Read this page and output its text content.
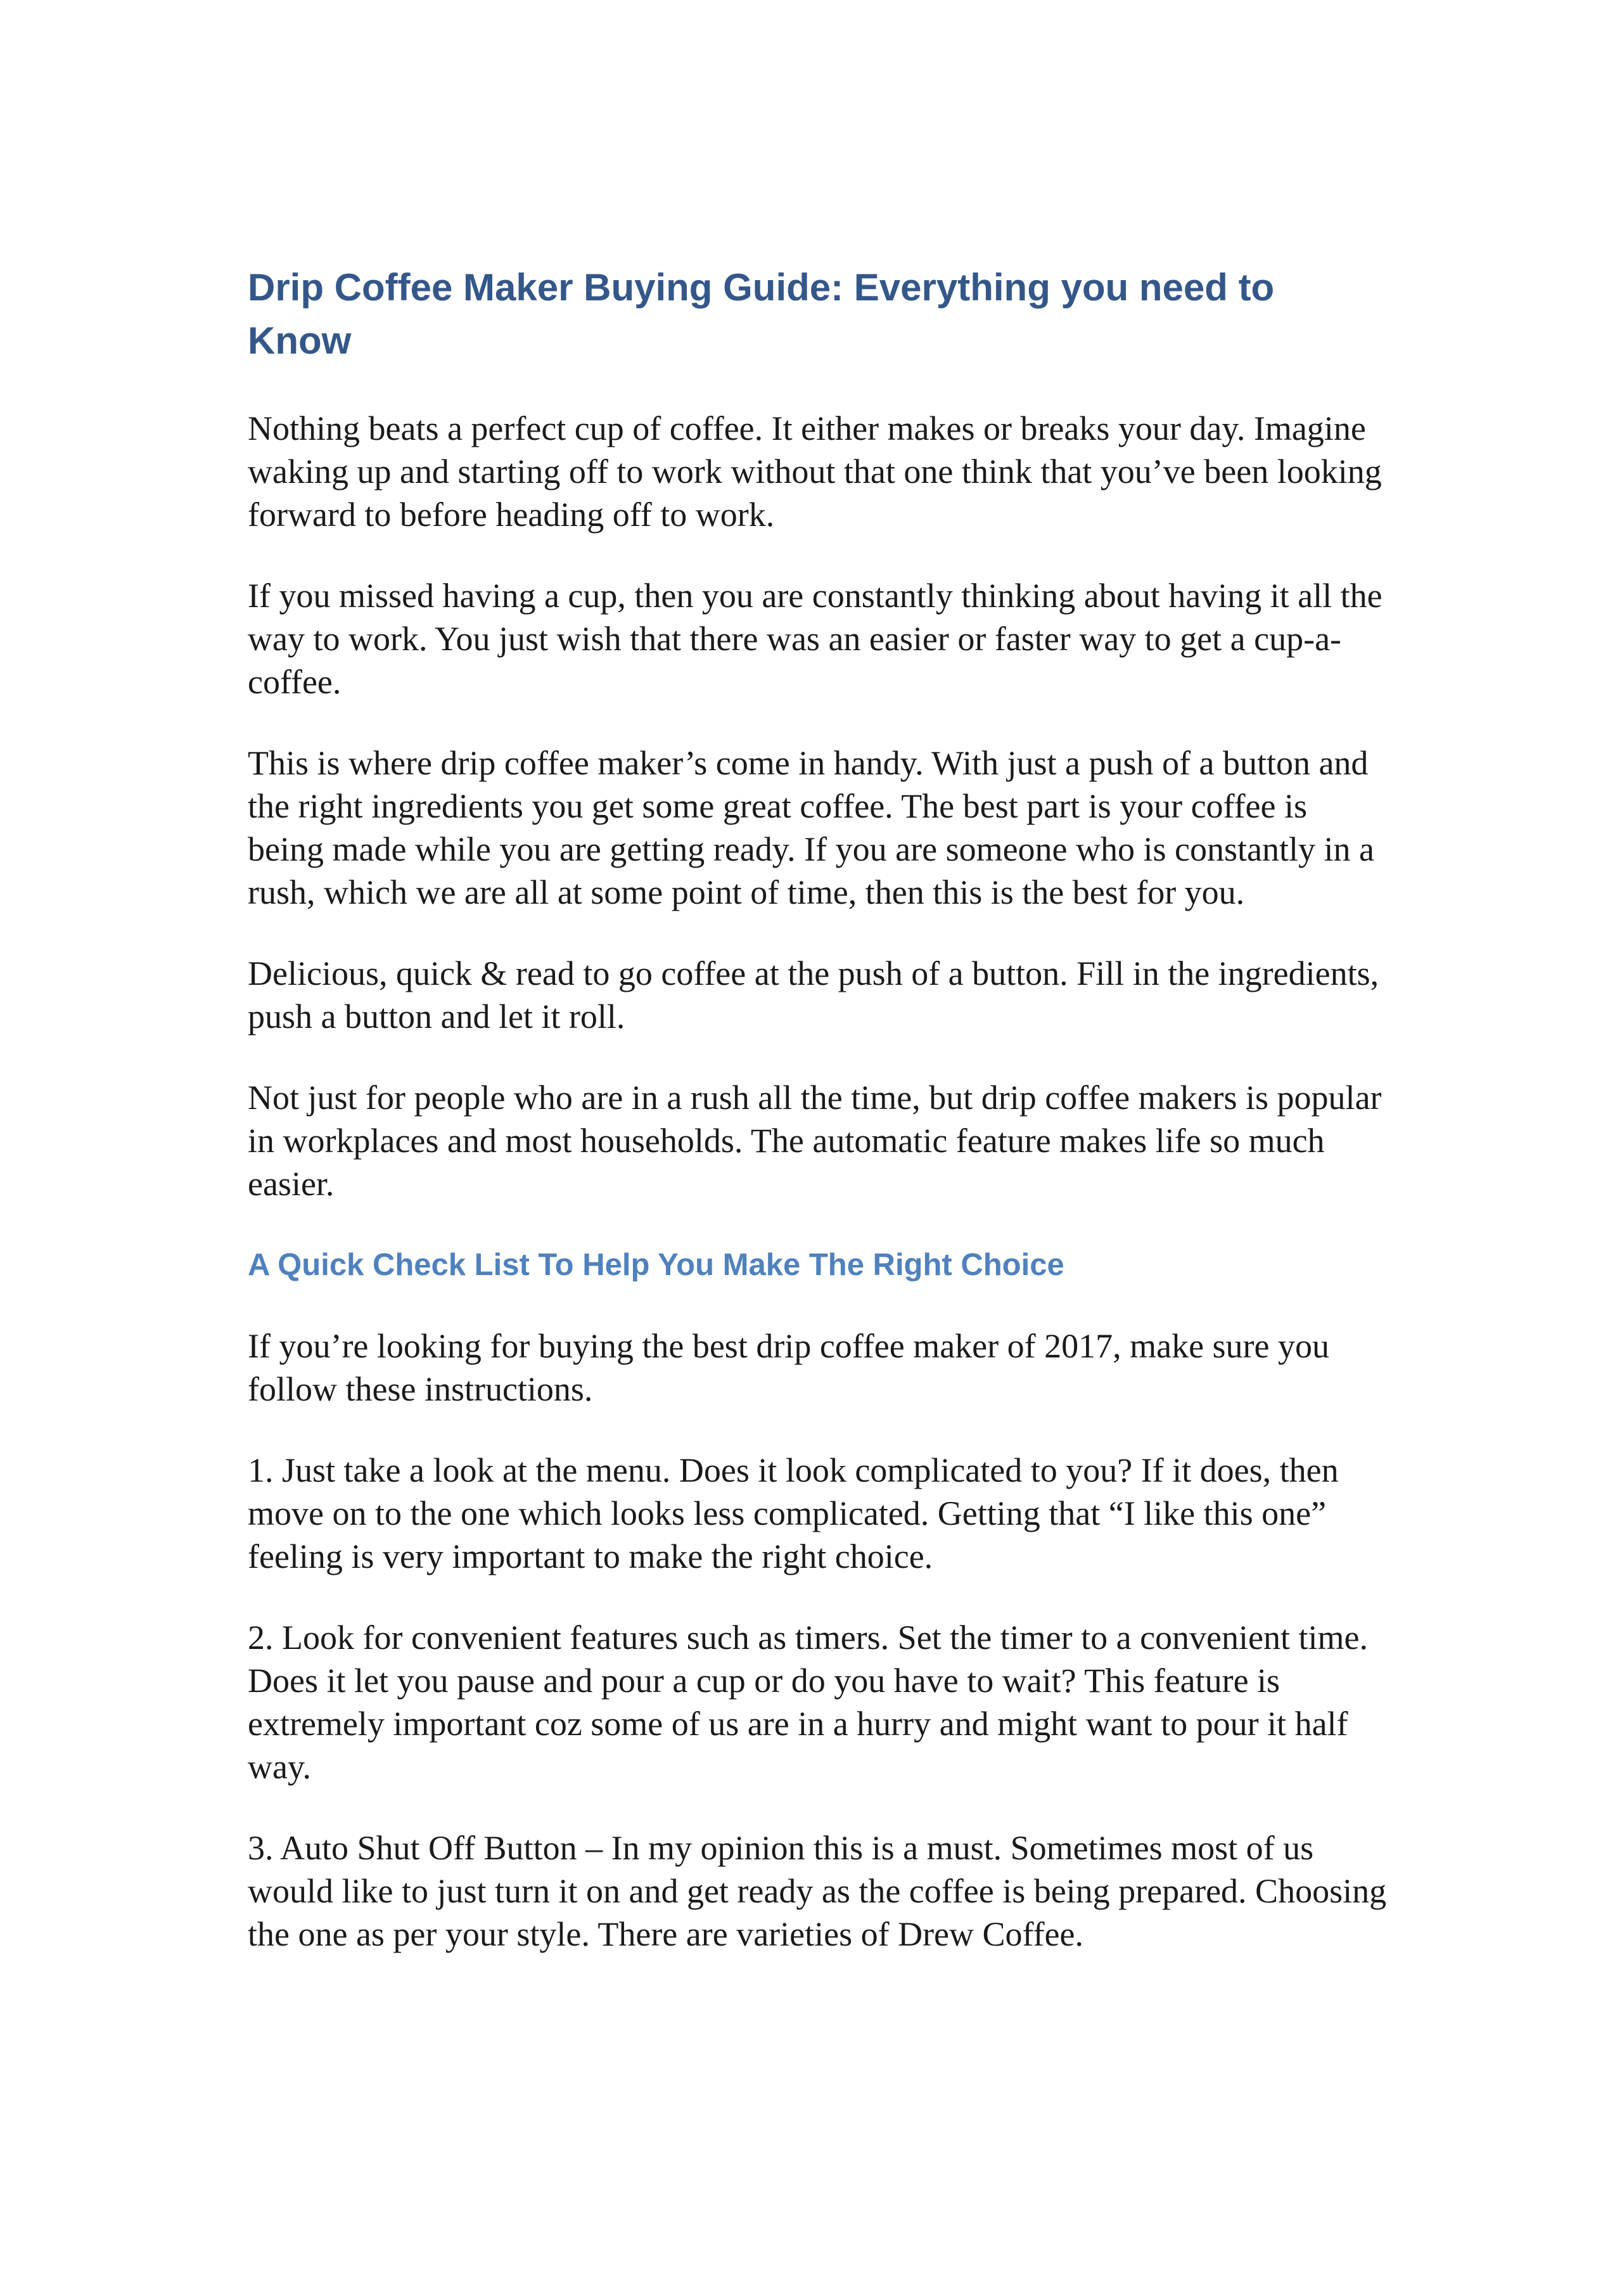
Drip Coffee Maker Buying Guide: Everything you need to Know

Nothing beats a perfect cup of coffee. It either makes or breaks your day. Imagine waking up and starting off to work without that one think that you’ve been looking forward to before heading off to work.

If you missed having a cup, then you are constantly thinking about having it all the way to work. You just wish that there was an easier or faster way to get a cup-a-coffee.

This is where drip coffee maker’s come in handy. With just a push of a button and the right ingredients you get some great coffee. The best part is your coffee is being made while you are getting ready. If you are someone who is constantly in a rush, which we are all at some point of time, then this is the best for you.

Delicious, quick & read to go coffee at the push of a button. Fill in the ingredients, push a button and let it roll.

Not just for people who are in a rush all the time, but drip coffee makers is popular in workplaces and most households. The automatic feature makes life so much easier.

A Quick Check List To Help You Make The Right Choice

If you’re looking for buying the best drip coffee maker of 2017, make sure you follow these instructions.

1. Just take a look at the menu. Does it look complicated to you? If it does, then move on to the one which looks less complicated. Getting that “I like this one” feeling is very important to make the right choice.

2. Look for convenient features such as timers. Set the timer to a convenient time. Does it let you pause and pour a cup or do you have to wait? This feature is extremely important coz some of us are in a hurry and might want to pour it half way.

3. Auto Shut Off Button – In my opinion this is a must. Sometimes most of us would like to just turn it on and get ready as the coffee is being prepared. Choosing the one as per your style. There are varieties of Drew Coffee.
